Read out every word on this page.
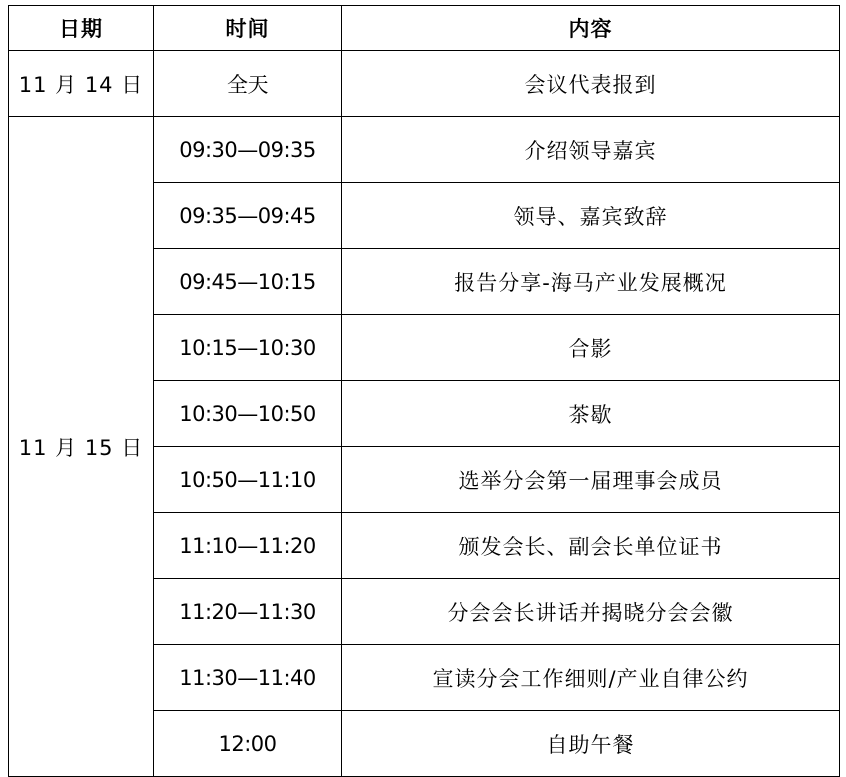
日期	时间	内容
11 月 14 日	全天	会议代表报到
11 月 15 日	09:30—09:35	介绍领导嘉宾
	09:35—09:45	领导、嘉宾致辞
	09:45—10:15	报告分享-海马产业发展概况
	10:15—10:30	合影
	10:30—10:50	茶歇
	10:50—11:10	选举分会第一届理事会成员
	11:10—11:20	颁发会长、副会长单位证书
	11:20—11:30	分会会长讲话并揭晓分会会徽
	11:30—11:40	宣读分会工作细则/产业自律公约
	12:00	自助午餐
